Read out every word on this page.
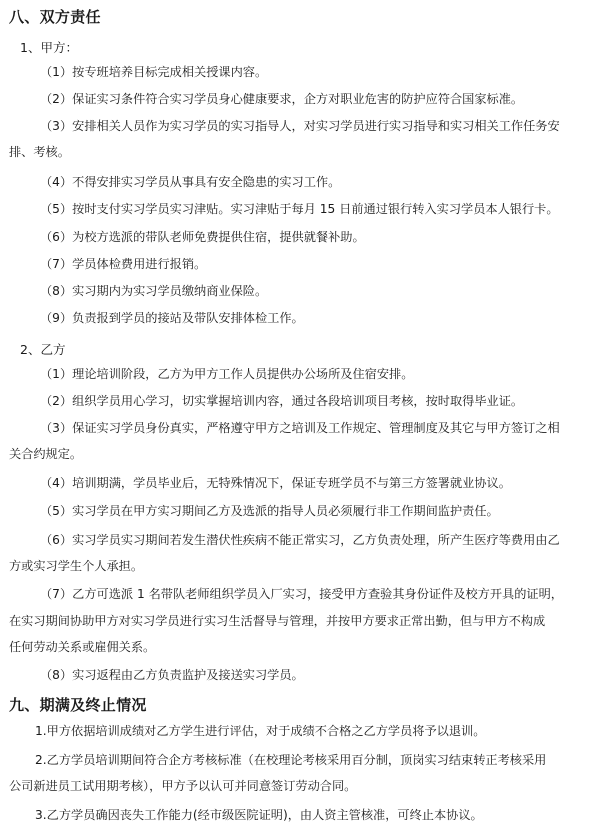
八、双方责任
1、甲方：
（1）按专班培养目标完成相关授课内容。
（2）保证实习条件符合实习学员身心健康要求，企方对职业危害的防护应符合国家标准。
（3）安排相关人员作为实习学员的实习指导人，对实习学员进行实习指导和实习相关工作任务安
排、考核。
（4）不得安排实习学员从事具有安全隐患的实习工作。
（5）按时支付实习学员实习津贴。实习津贴于每月 15 日前通过银行转入实习学员本人银行卡。
（6）为校方选派的带队老师免费提供住宿，提供就餐补助。
（7）学员体检费用进行报销。
（8）实习期内为实习学员缴纳商业保险。
（9）负责报到学员的接站及带队安排体检工作。
2、乙方
（1）理论培训阶段，乙方为甲方工作人员提供办公场所及住宿安排。
（2）组织学员用心学习，切实掌握培训内容，通过各段培训项目考核，按时取得毕业证。
（3）保证实习学员身份真实，严格遵守甲方之培训及工作规定、管理制度及其它与甲方签订之相
关合约规定。
（4）培训期满，学员毕业后，无特殊情况下，保证专班学员不与第三方签署就业协议。
（5）实习学员在甲方实习期间乙方及选派的指导人员必须履行非工作期间监护责任。
（6）实习学员实习期间若发生潜伏性疾病不能正常实习，乙方负责处理，所产生医疗等费用由乙
方或实习学生个人承担。
（7）乙方可选派 1 名带队老师组织学员入厂实习，接受甲方查验其身份证件及校方开具的证明，
在实习期间协助甲方对实习学员进行实习生活督导与管理，并按甲方要求正常出勤，但与甲方不构成
任何劳动关系或雇佣关系。
（8）实习返程由乙方负责监护及接送实习学员。
九、期满及终止情况
1.甲方依据培训成绩对乙方学生进行评估，对于成绩不合格之乙方学员将予以退训。
2.乙方学员培训期间符合企方考核标准（在校理论考核采用百分制，顶岗实习结束转正考核采用
公司新进员工试用期考核），甲方予以认可并同意签订劳动合同。
3.乙方学员确因丧失工作能力(经市级医院证明)，由人资主管核准，可终止本协议。
